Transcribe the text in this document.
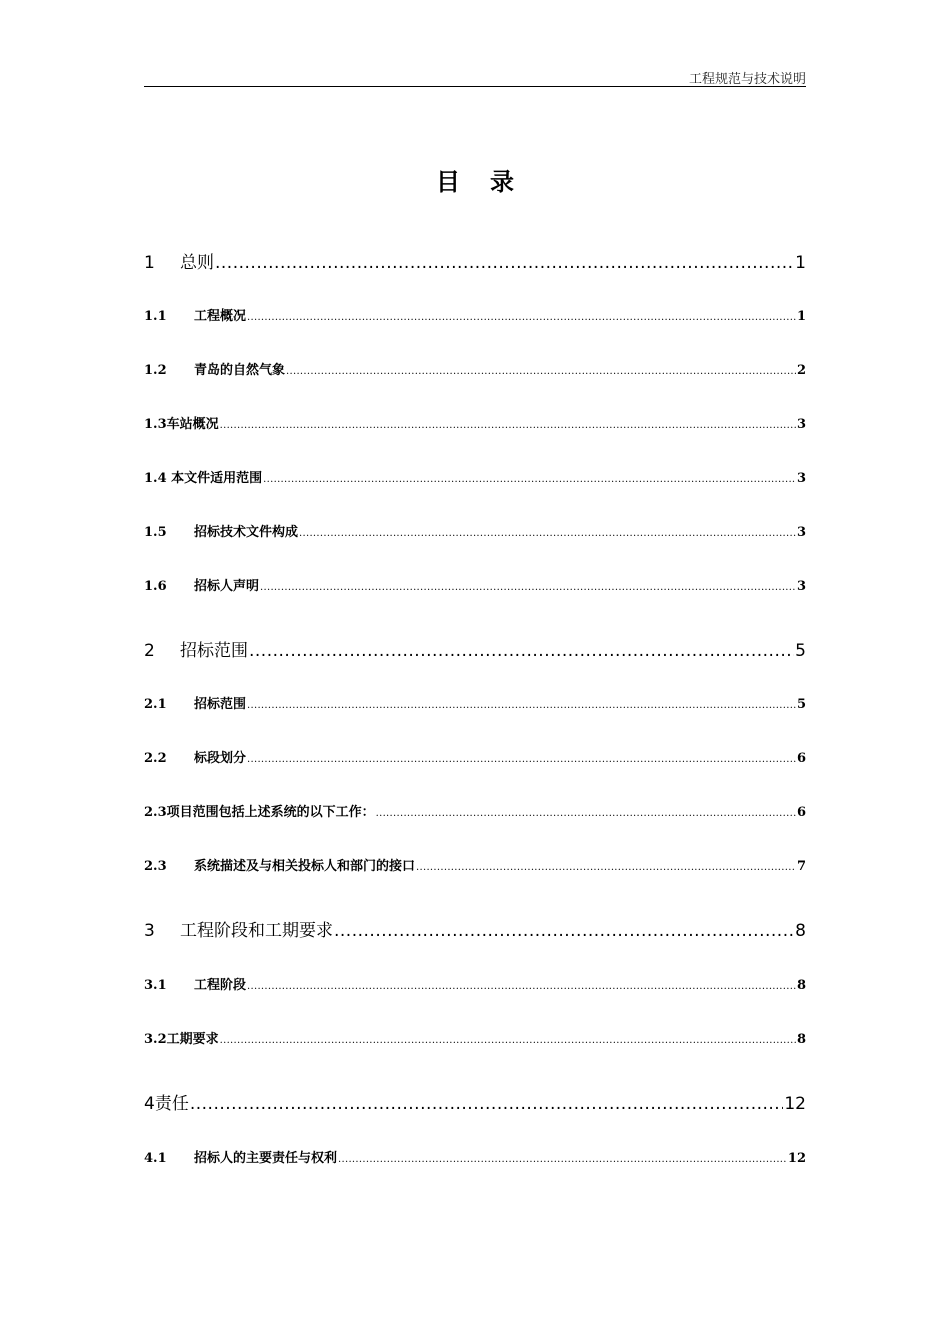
工程规范与技术说明
目录
1 总则 .....	1
1.1 工程概况 .....	1
1.2 青岛的自然气象 .....	2
1.3车站概况 .....	3
1.4 本文件适用范围 .....	3
1.5 招标技术文件构成 .....	3
1.6 招标人声明 .....	3
2 招标范围 .....	5
2.1 招标范围 .....	5
2.2 标段划分 .....	6
2.3项目范围包括上述系统的以下工作： .....	6
2.3 系统描述及与相关投标人和部门的接口 .....	7
3 工程阶段和工期要求 .....	8
3.1 工程阶段 .....	8
3.2工期要求 .....	8
4责任 .....	12
4.1 招标人的主要责任与权利 .....	12
